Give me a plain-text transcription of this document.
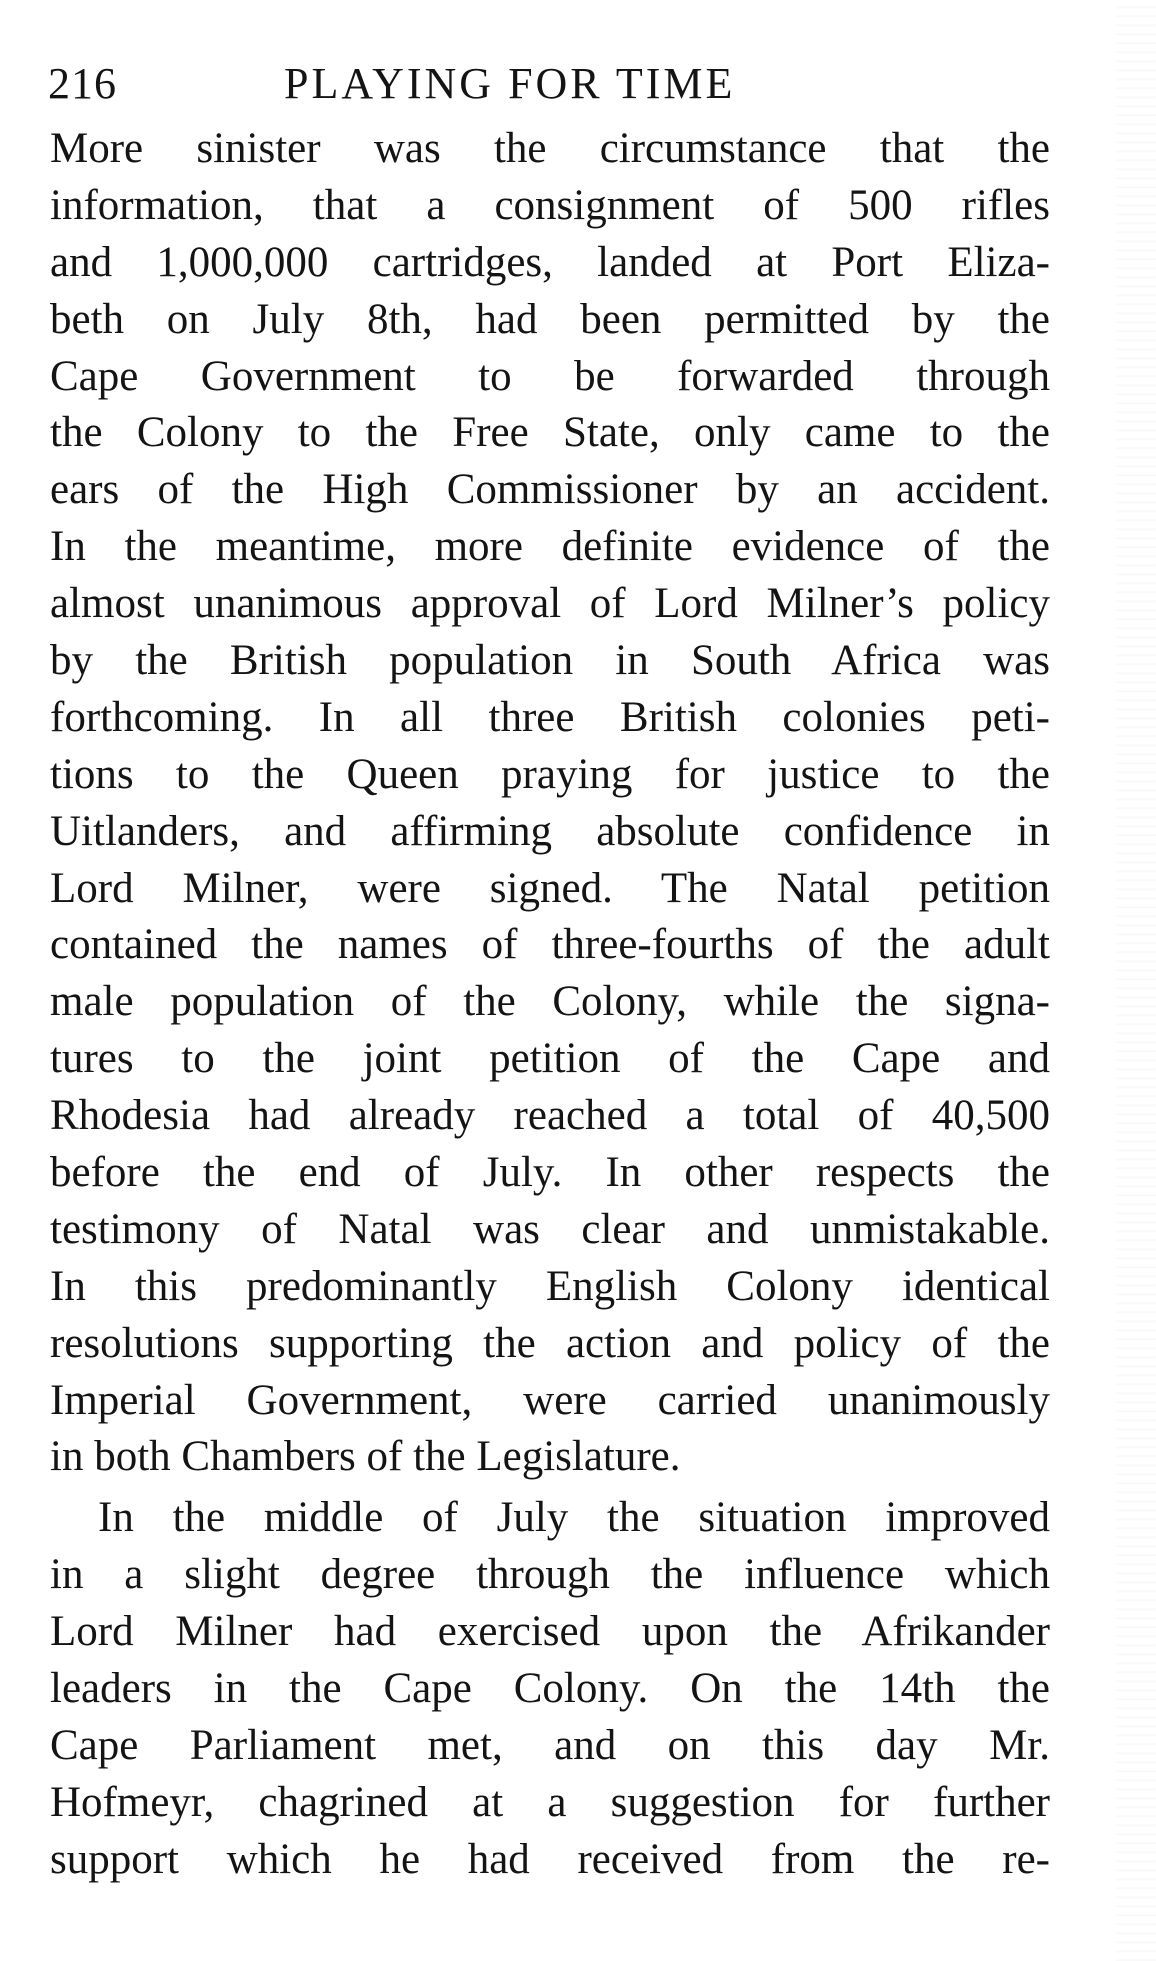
216	PLAYING FOR TIME
More sinister was the circumstance that the
information, that a consignment of 500 rifles
and 1,000,000 cartridges, landed at Port Eliza-
beth on July 8th, had been permitted by the
Cape Government to be forwarded through
the Colony to the Free State, only came to the
ears of the High Commissioner by an accident.
In the meantime, more definite evidence of the
almost unanimous approval of Lord Milner’s policy
by the British population in South Africa was
forthcoming. In all three British colonies peti-
tions to the Queen praying for justice to the
Uitlanders, and affirming absolute confidence in
Lord Milner, were signed. The Natal petition
contained the names of three-fourths of the adult
male population of the Colony, while the signa-
tures to the joint petition of the Cape and
Rhodesia had already reached a total of 40,500
before the end of July. In other respects the
testimony of Natal was clear and unmistakable.
In this predominantly English Colony identical
resolutions supporting the action and policy of the
Imperial Government, were carried unanimously
in both Chambers of the Legislature.
In the middle of July the situation improved
in a slight degree through the influence which
Lord Milner had exercised upon the Afrikander
leaders in the Cape Colony. On the 14th the
Cape Parliament met, and on this day Mr.
Hofmeyr, chagrined at a suggestion for further
support which he had received from the re-
